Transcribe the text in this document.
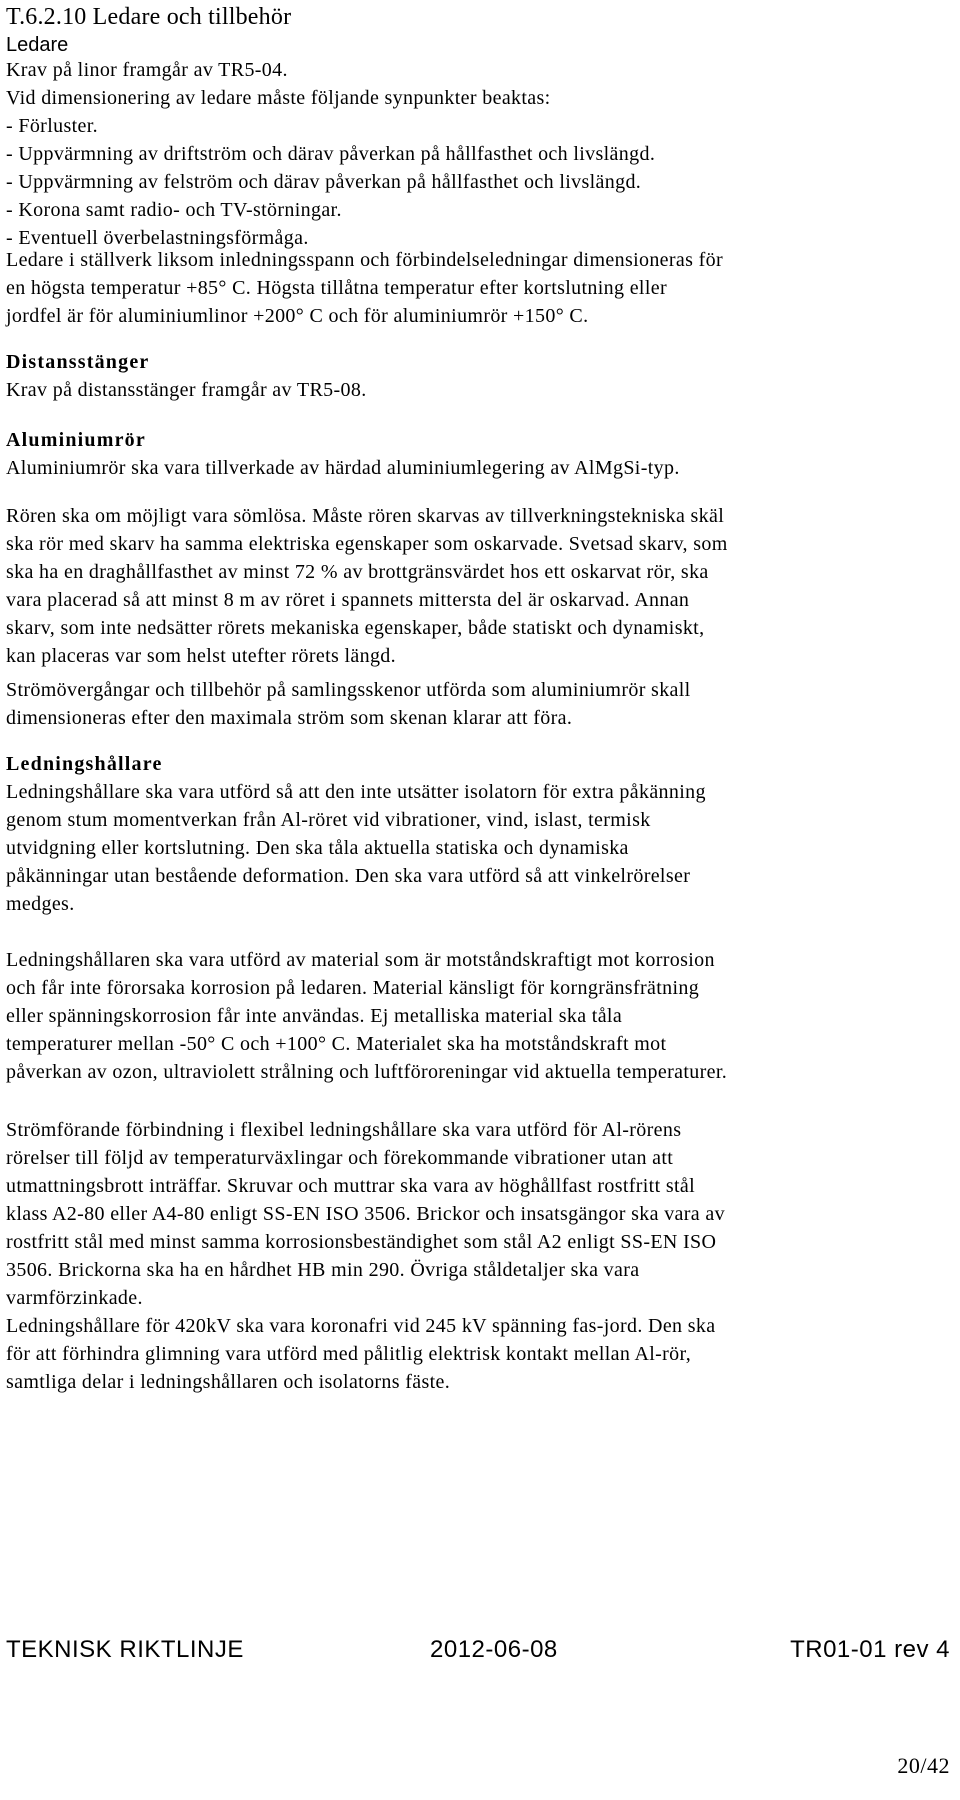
T.6.2.10 Ledare och tillbehör
Ledare
Krav på linor framgår av TR5-04.
Vid dimensionering av ledare måste följande synpunkter beaktas:
- Förluster.
- Uppvärmning av driftström och därav påverkan på hållfasthet och livslängd.
- Uppvärmning av felström och därav påverkan på hållfasthet och livslängd.
- Korona samt radio- och TV-störningar.
- Eventuell överbelastningsförmåga.
Ledare i ställverk liksom inledningsspann och förbindelseledningar dimensioneras för
en högsta temperatur +85° C. Högsta tillåtna temperatur efter kortslutning eller
jordfel är för aluminiumlinor +200° C och för aluminiumrör +150° C.
Distansstänger
Krav på distansstänger framgår av TR5-08.
Aluminiumrör
Aluminiumrör ska vara tillverkade av härdad aluminiumlegering av AlMgSi-typ.
Rören ska om möjligt vara sömlösa. Måste rören skarvas av tillverkningstekniska skäl
ska rör med skarv ha samma elektriska egenskaper som oskarvade. Svetsad skarv, som
ska ha en draghållfasthet av minst 72 % av brottgränsvärdet hos ett oskarvat rör, ska
vara placerad så att minst 8 m av röret i spannets mittersta del är oskarvad. Annan
skarv, som inte nedsätter rörets mekaniska egenskaper, både statiskt och dynamiskt,
kan placeras var som helst utefter rörets längd.
Strömövergångar och tillbehör på samlingsskenor utförda som aluminiumrör skall
dimensioneras efter den maximala ström som skenan klarar att föra.
Ledningshållare
Ledningshållare ska vara utförd så att den inte utsätter isolatorn för extra påkänning
genom stum momentverkan från Al-röret vid vibrationer, vind, islast, termisk
utvidgning eller kortslutning. Den ska tåla aktuella statiska och dynamiska
påkänningar utan bestående deformation. Den ska vara utförd så att vinkelrörelser
medges.
Ledningshållaren ska vara utförd av material som är motståndskraftigt mot korrosion
och får inte förorsaka korrosion på ledaren. Material känsligt för korngränsfrätning
eller spänningskorrosion får inte användas. Ej metalliska material ska tåla
temperaturer mellan -50° C och +100° C. Materialet ska ha motståndskraft mot
påverkan av ozon, ultraviolett strålning och luftföroreningar vid aktuella temperaturer.
Strömförande förbindning i flexibel ledningshållare ska vara utförd för Al-rörens
rörelser till följd av temperaturväxlingar och förekommande vibrationer utan att
utmattningsbrott inträffar. Skruvar och muttrar ska vara av höghållfast rostfritt stål
klass A2-80 eller A4-80 enligt SS-EN ISO 3506. Brickor och insatsgängor ska vara av
rostfritt stål med minst samma korrosionsbeständighet som stål A2 enligt SS-EN ISO
3506. Brickorna ska ha en hårdhet HB min 290. Övriga ståldetaljer ska vara
varmförzinkade.
Ledningshållare för 420kV ska vara koronafri vid 245 kV spänning fas-jord. Den ska
för att förhindra glimning vara utförd med pålitlig elektrisk kontakt mellan Al-rör,
samtliga delar i ledningshållaren och isolatorns fäste.
TEKNISK RIKTLINJE	2012-06-08	TR01-01 rev 4
20/42
